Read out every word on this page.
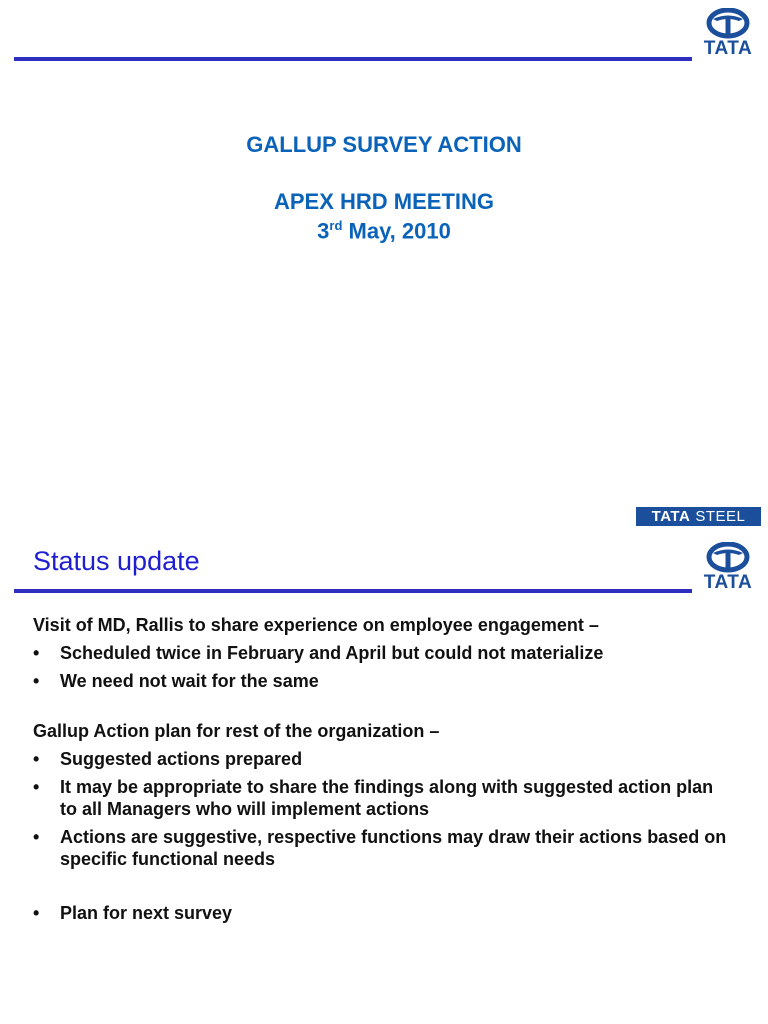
TATA
GALLUP SURVEY ACTION
APEX HRD MEETING
3rd May, 2010
TATA STEEL
TATA
Status update

Visit of MD, Rallis to share experience on employee engagement –

• Scheduled twice in February and April but could not materialize
• We need not wait for the same

Gallup Action plan for rest of the organization –

• Suggested actions prepared
• It may be appropriate to share the findings along with suggested action plan to all Managers who will implement actions
• Actions are suggestive, respective functions may draw their actions based on specific functional needs
• Plan for next survey
